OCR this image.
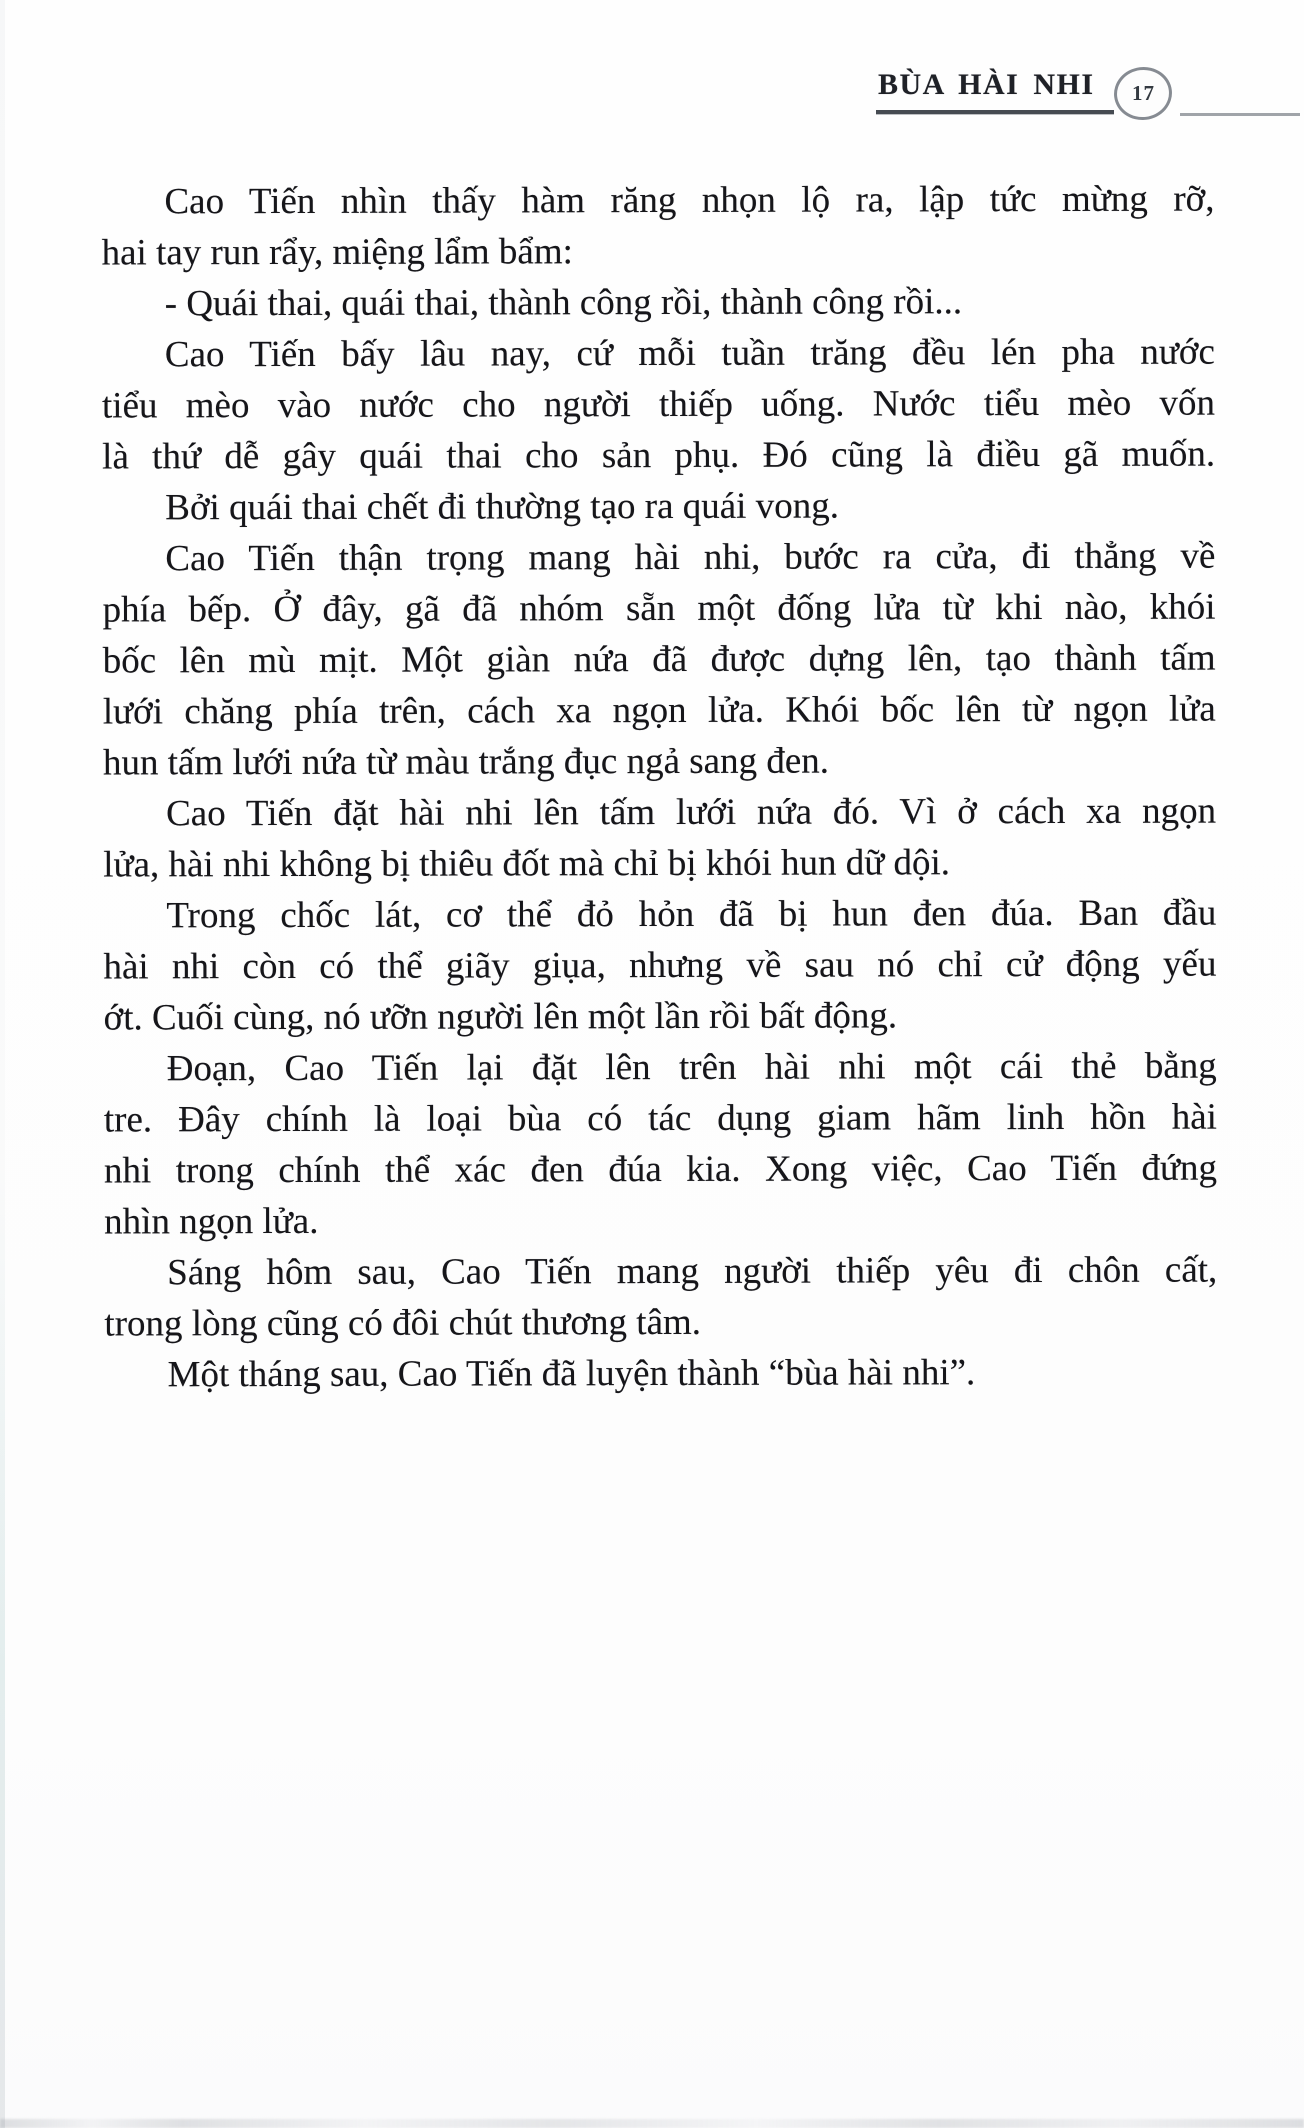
BÙA HÀI NHI 17

Cao Tiến nhìn thấy hàm răng nhọn lộ ra, lập tức mừng rỡ,
hai tay run rẩy, miệng lẩm bẩm:

- Quái thai, quái thai, thành công rồi, thành công rồi...

Cao Tiến bấy lâu nay, cứ mỗi tuần trăng đều lén pha nước
tiểu mèo vào nước cho người thiếp uống. Nước tiểu mèo vốn
là thứ dễ gây quái thai cho sản phụ. Đó cũng là điều gã muốn.

Bởi quái thai chết đi thường tạo ra quái vong.

Cao Tiến thận trọng mang hài nhi, bước ra cửa, đi thẳng về
phía bếp. Ở đây, gã đã nhóm sẵn một đống lửa từ khi nào, khói
bốc lên mù mịt. Một giàn nứa đã được dựng lên, tạo thành tấm
lưới chăng phía trên, cách xa ngọn lửa. Khói bốc lên từ ngọn lửa
hun tấm lưới nứa từ màu trắng đục ngả sang đen.

Cao Tiến đặt hài nhi lên tấm lưới nứa đó. Vì ở cách xa ngọn
lửa, hài nhi không bị thiêu đốt mà chỉ bị khói hun dữ dội.

Trong chốc lát, cơ thể đỏ hỏn đã bị hun đen đúa. Ban đầu
hài nhi còn có thể giãy giụa, nhưng về sau nó chỉ cử động yếu
ớt. Cuối cùng, nó ưỡn người lên một lần rồi bất động.

Đoạn, Cao Tiến lại đặt lên trên hài nhi một cái thẻ bằng
tre. Đây chính là loại bùa có tác dụng giam hãm linh hồn hài
nhi trong chính thể xác đen đúa kia. Xong việc, Cao Tiến đứng
nhìn ngọn lửa.

Sáng hôm sau, Cao Tiến mang người thiếp yêu đi chôn cất,
trong lòng cũng có đôi chút thương tâm.

Một tháng sau, Cao Tiến đã luyện thành “bùa hài nhi”.
